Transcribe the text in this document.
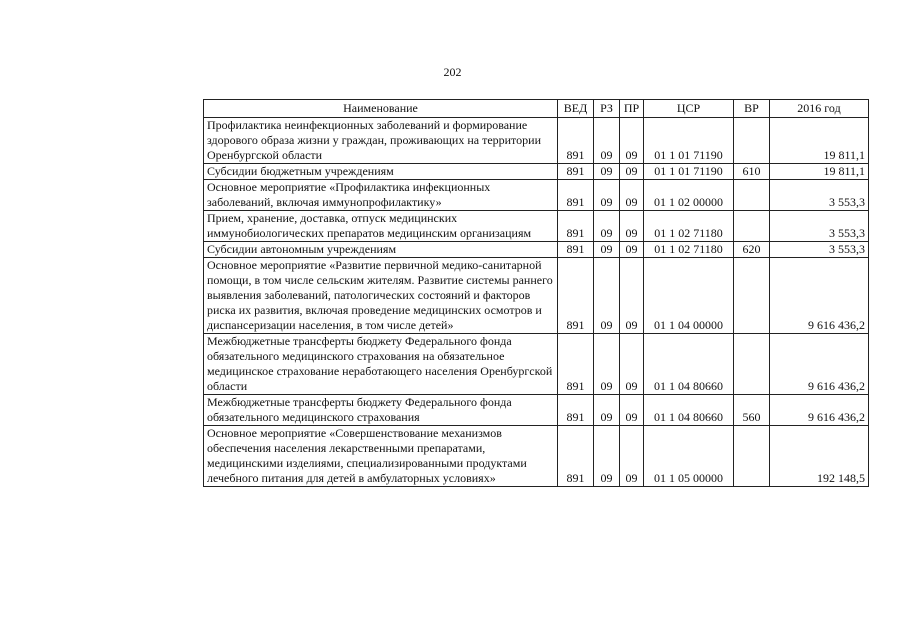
202
Наименование	ВЕД	РЗ	ПР	ЦСР	ВР	2016 год
Профилактика неинфекционных заболеваний и формирование здорового образа жизни у граждан, проживающих на территории Оренбургской области	891	09	09	01 1 01 71190		19 811,1
Субсидии бюджетным учреждениям	891	09	09	01 1 01 71190	610	19 811,1
Основное мероприятие «Профилактика инфекционных заболеваний, включая иммунопрофилактику»	891	09	09	01 1 02 00000		3 553,3
Прием, хранение, доставка, отпуск медицинских иммунобиологических препаратов медицинским организациям	891	09	09	01 1 02 71180		3 553,3
Субсидии автономным учреждениям	891	09	09	01 1 02 71180	620	3 553,3
Основное мероприятие «Развитие первичной медико-санитарной помощи, в том числе сельским жителям. Развитие системы раннего выявления заболеваний, патологических состояний и факторов риска их развития, включая проведение медицинских осмотров и диспансеризации населения, в том числе детей»	891	09	09	01 1 04 00000		9 616 436,2
Межбюджетные трансферты бюджету Федерального фонда обязательного медицинского страхования на обязательное медицинское страхование неработающего населения Оренбургской области	891	09	09	01 1 04 80660		9 616 436,2
Межбюджетные трансферты бюджету Федерального фонда обязательного медицинского страхования	891	09	09	01 1 04 80660	560	9 616 436,2
Основное мероприятие «Совершенствование механизмов обеспечения населения лекарственными препаратами, медицинскими изделиями, специализированными продуктами лечебного питания для детей в амбулаторных условиях»	891	09	09	01 1 05 00000		192 148,5
